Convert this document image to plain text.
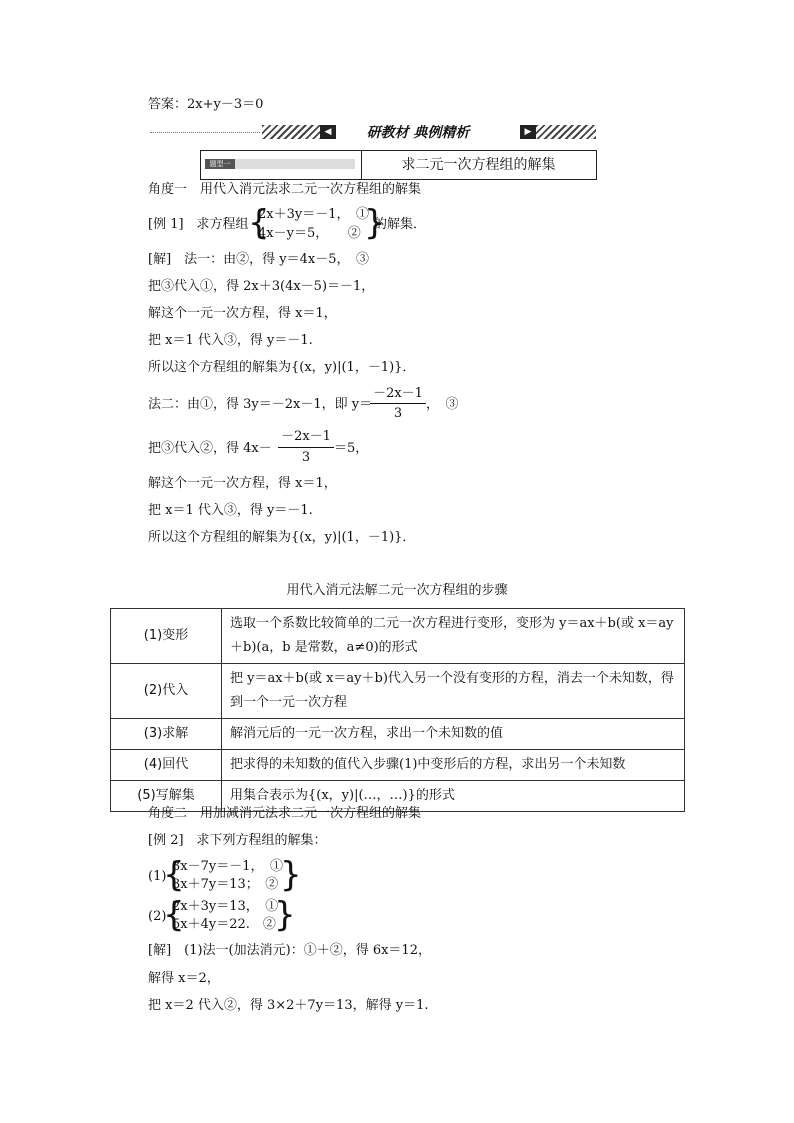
答案：2x+y－3＝0
◀	研教材 典例精析	▶
题型一	求二元一次方程组的解集
角度一　用代入消元法求二元一次方程组的解集
[例 1]　求方程组 {
2x＋3y＝－1，　①
4x－y＝5，　　② }
的解集．
[解]　法一：由②，得 y＝4x－5，　③
把③代入①，得 2x＋3(4x－5)＝－1，
解这个一元一次方程，得 x＝1，
把 x＝1 代入③，得 y＝－1.
所以这个方程组的解集为{(x，y)|(1，－1)}．
法二：由①，得 3y＝－2x－1，即 y＝
－2x－1
3
，　③
把③代入②，得 4x－
－2x－1
3
＝5，
解这个一元一次方程，得 x＝1，
把 x＝1 代入③，得 y＝－1.
所以这个方程组的解集为{(x，y)|(1，－1)}．
用代入消元法解二元一次方程组的步骤
(1)变形	选取一个系数比较简单的二元一次方程进行变形，变形为 y＝ax＋b(或 x＝ay＋b)(a，b 是常数，a≠0)的形式
(2)代入	把 y＝ax＋b(或 x＝ay＋b)代入另一个没有变形的方程，消去一个未知数，得到一个一元一次方程
(3)求解	解消元后的一元一次方程，求出一个未知数的值
(4)回代	把求得的未知数的值代入步骤(1)中变形后的方程，求出另一个未知数
(5)写解集	用集合表示为{(x，y)|(…，…)}的形式
角度二　用加减消元法求二元一次方程组的解集
[例 2]　求下列方程组的解集：
(1)
{
3x－7y＝－1，　①
3x＋7y＝13；　② }
(2)
{
2x＋3y＝13，　①
5x＋4y＝22.　②
}
[解]　(1)法一(加法消元)：①＋②，得 6x＝12，
解得 x＝2，
把 x＝2 代入②，得 3×2＋7y＝13，解得 y＝1.
